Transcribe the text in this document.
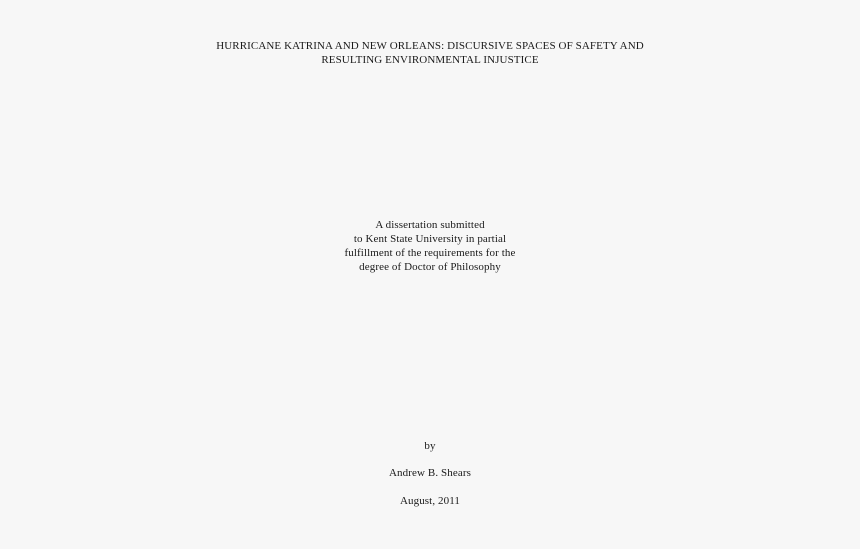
HURRICANE KATRINA AND NEW ORLEANS: DISCURSIVE SPACES OF SAFETY AND
RESULTING ENVIRONMENTAL INJUSTICE
A dissertation submitted
to Kent State University in partial
fulfillment of the requirements for the
degree of Doctor of Philosophy
by
Andrew B. Shears
August, 2011
